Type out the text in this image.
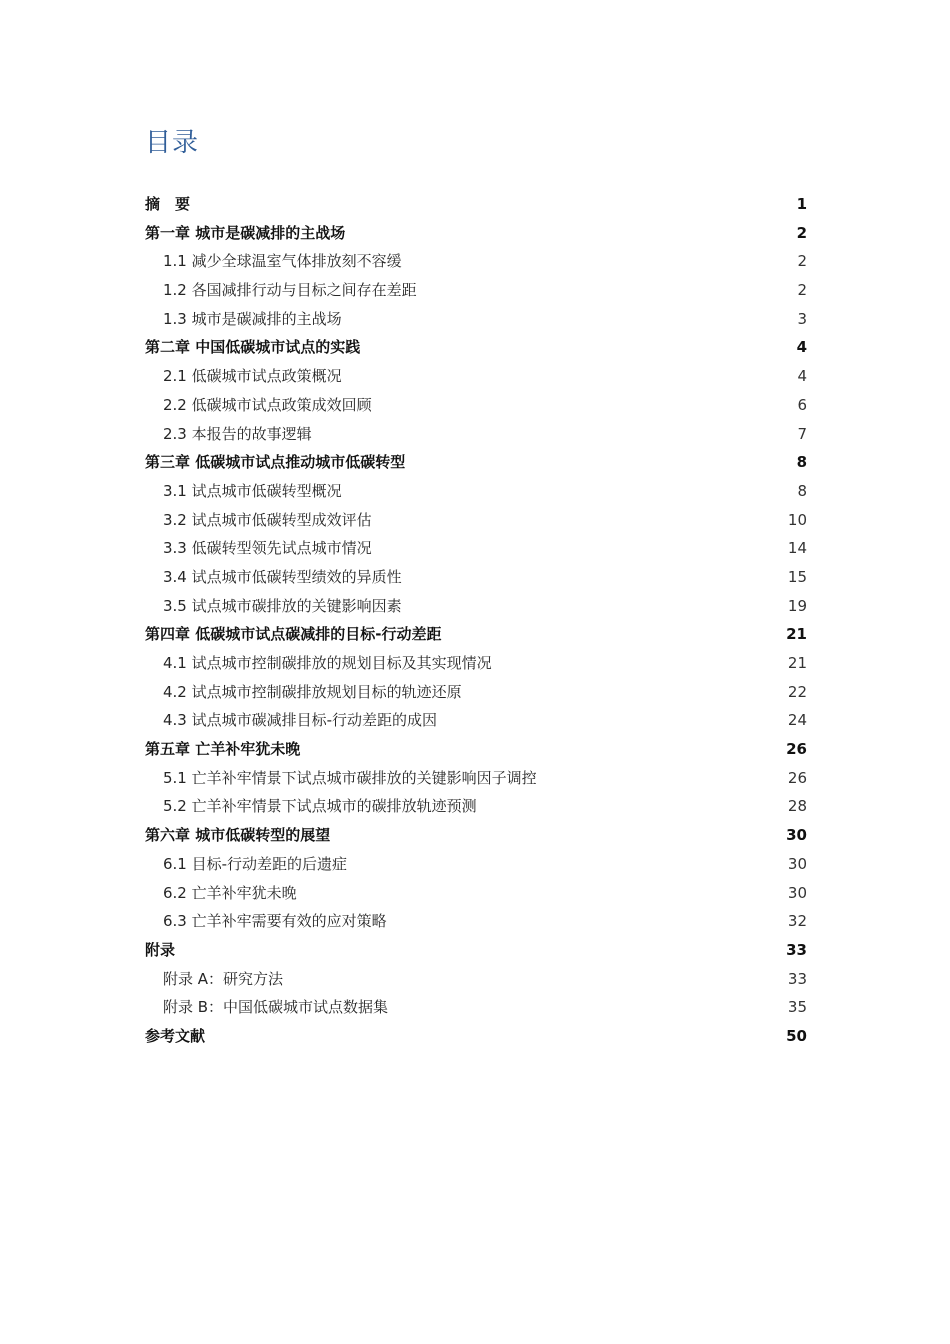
目录
摘　要	1
第一章 城市是碳减排的主战场	2
1.1 减少全球温室气体排放刻不容缓	2
1.2 各国减排行动与目标之间存在差距	2
1.3 城市是碳减排的主战场	3
第二章 中国低碳城市试点的实践	4
2.1 低碳城市试点政策概况	4
2.2 低碳城市试点政策成效回顾	6
2.3 本报告的故事逻辑	7
第三章 低碳城市试点推动城市低碳转型	8
3.1 试点城市低碳转型概况	8
3.2 试点城市低碳转型成效评估	10
3.3 低碳转型领先试点城市情况	14
3.4 试点城市低碳转型绩效的异质性	15
3.5 试点城市碳排放的关键影响因素	19
第四章 低碳城市试点碳减排的目标-行动差距	21
4.1 试点城市控制碳排放的规划目标及其实现情况	21
4.2 试点城市控制碳排放规划目标的轨迹还原	22
4.3 试点城市碳减排目标-行动差距的成因	24
第五章 亡羊补牢犹未晚	26
5.1 亡羊补牢情景下试点城市碳排放的关键影响因子调控	26
5.2 亡羊补牢情景下试点城市的碳排放轨迹预测	28
第六章 城市低碳转型的展望	30
6.1 目标-行动差距的后遗症	30
6.2 亡羊补牢犹未晚	30
6.3 亡羊补牢需要有效的应对策略	32
附录	33
附录 A：研究方法	33
附录 B：中国低碳城市试点数据集	35
参考文献	50
